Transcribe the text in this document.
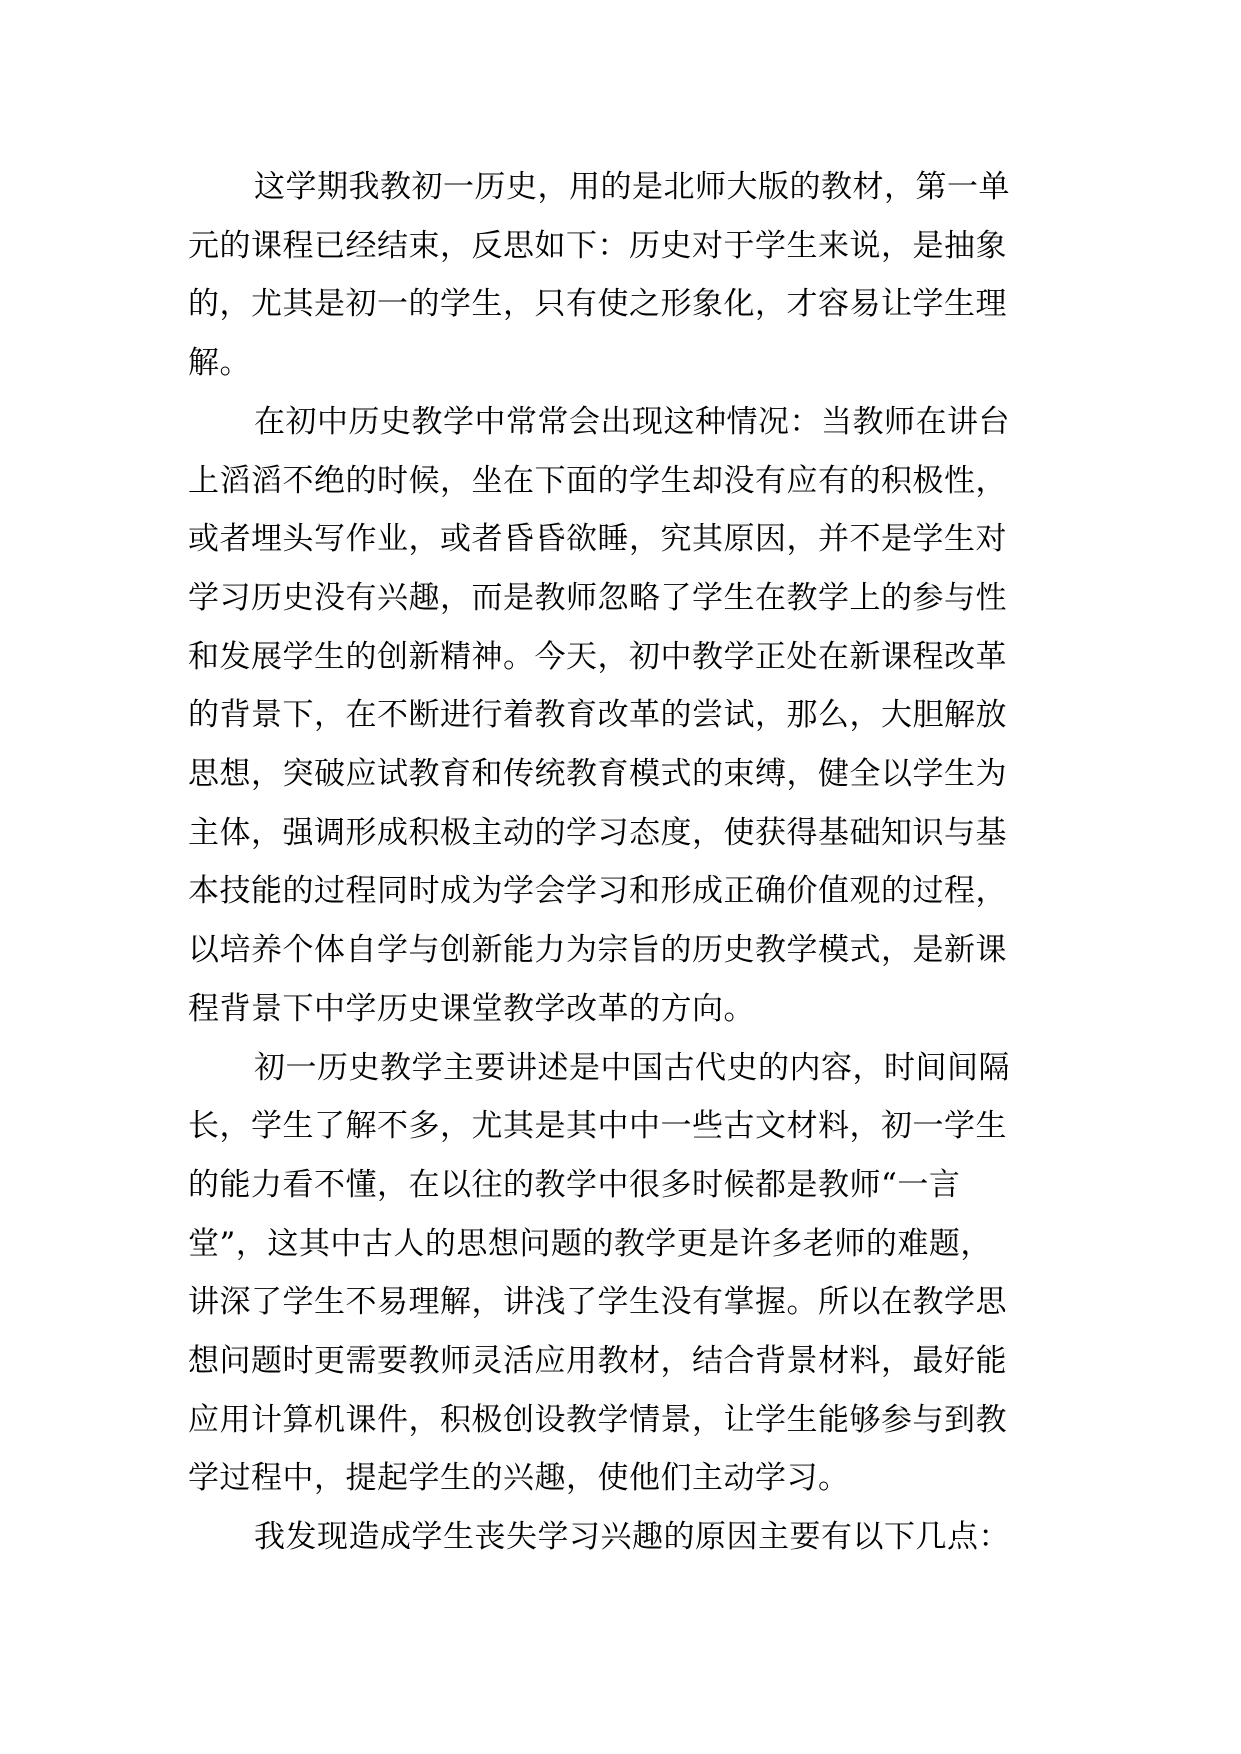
这学期我教初一历史，用的是北师大版的教材，第一单
元的课程已经结束，反思如下：历史对于学生来说，是抽象
的，尤其是初一的学生，只有使之形象化，才容易让学生理
解。

在初中历史教学中常常会出现这种情况：当教师在讲台
上滔滔不绝的时候，坐在下面的学生却没有应有的积极性，
或者埋头写作业，或者昏昏欲睡，究其原因，并不是学生对
学习历史没有兴趣，而是教师忽略了学生在教学上的参与性
和发展学生的创新精神。今天，初中教学正处在新课程改革
的背景下，在不断进行着教育改革的尝试，那么，大胆解放
思想，突破应试教育和传统教育模式的束缚，健全以学生为
主体，强调形成积极主动的学习态度，使获得基础知识与基
本技能的过程同时成为学会学习和形成正确价值观的过程，
以培养个体自学与创新能力为宗旨的历史教学模式，是新课
程背景下中学历史课堂教学改革的方向。

初一历史教学主要讲述是中国古代史的内容，时间间隔
长，学生了解不多，尤其是其中中一些古文材料，初一学生
的能力看不懂，在以往的教学中很多时候都是教师“一言
堂”，这其中古人的思想问题的教学更是许多老师的难题，
讲深了学生不易理解，讲浅了学生没有掌握。所以在教学思
想问题时更需要教师灵活应用教材，结合背景材料，最好能
应用计算机课件，积极创设教学情景，让学生能够参与到教
学过程中，提起学生的兴趣，使他们主动学习。

我发现造成学生丧失学习兴趣的原因主要有以下几点：
